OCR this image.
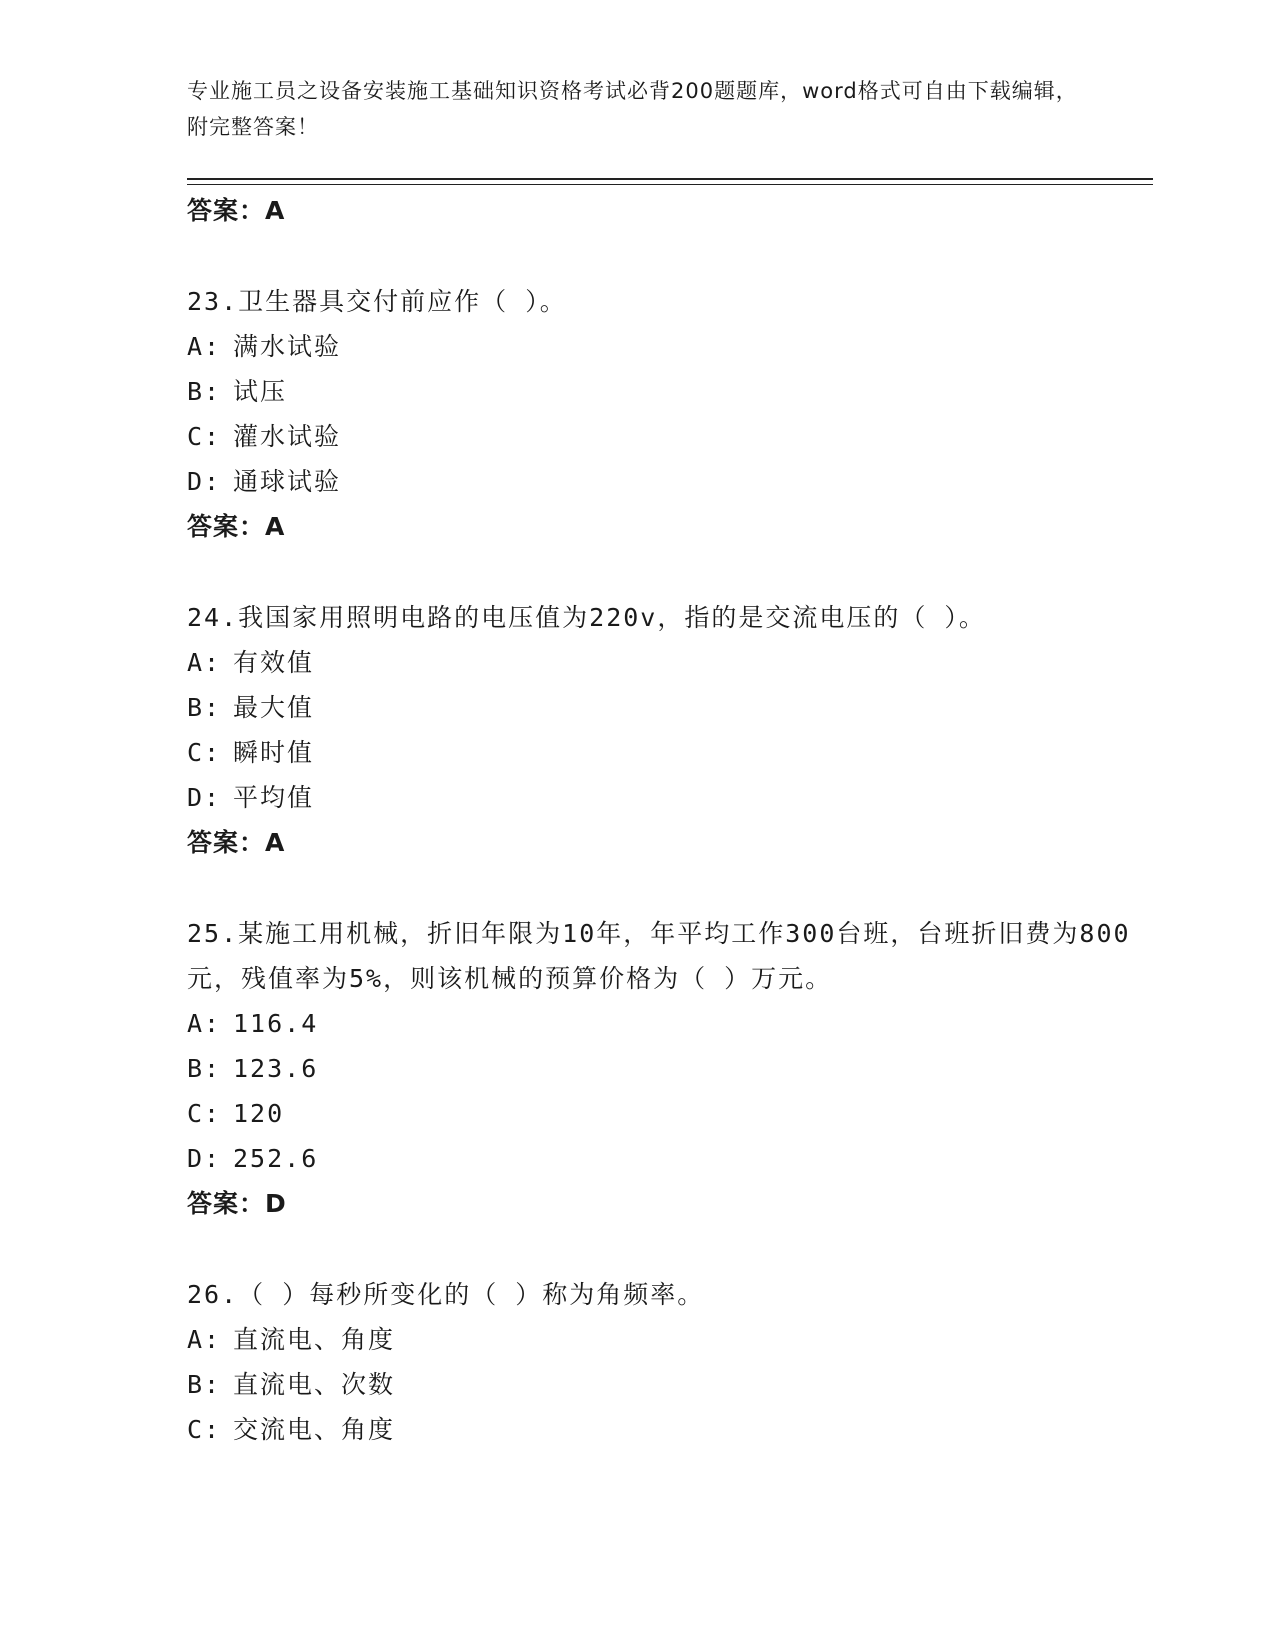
专业施工员之设备安装施工基础知识资格考试必背200题题库，word格式可自由下载编辑，附完整答案！
答案：A
23.卫生器具交付前应作（ ）。
A: 满水试验
B: 试压
C: 灌水试验
D: 通球试验
答案：A
24.我国家用照明电路的电压值为220v，指的是交流电压的（ ）。
A: 有效值
B: 最大值
C: 瞬时值
D: 平均值
答案：A
25.某施工用机械，折旧年限为10年，年平均工作300台班，台班折旧费为800元，残值率为5%，则该机械的预算价格为（ ）万元。
A: 116.4
B: 123.6
C: 120
D: 252.6
答案：D
26.（ ）每秒所变化的（ ）称为角频率。
A: 直流电、角度
B: 直流电、次数
C: 交流电、角度
